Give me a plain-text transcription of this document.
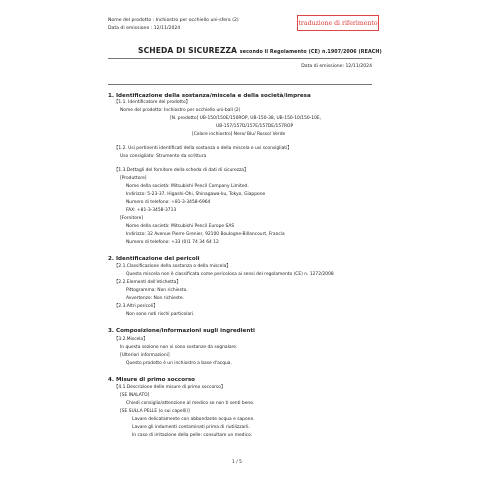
Nome del prodotto : Inchiostro per occhiello uni-sfera (2)
Data di emissione : 12/11/2024
traduzione di riferimento
SCHEDA DI SICUREZZA secondo il Regolamento (CE) n.1907/2006 (REACH)
Data di emissione: 12/11/2024
1. Identificazione della sostanza/miscela e della società/impresa
【1.1. Identificatore del prodotto】
Nome del prodotto: Inchiostro per occhiello uni-ball (2)
[N. prodotto] UB-150/150E/150ROP, UB-150-38, UB-150-10/150-10E,
UB-157/157D/157E/157DE/157ROP
[Colore inchiostro] Nero/ Blu/ Rosso/ Verde
【1.2. Usi pertinenti identificati della sostanza o della miscela e usi sconsigliati】
Uso consigliato: Strumento da scrittura
【1.3.Dettagli del fornitore della scheda di dati di sicurezza】
[Produttore]
Nome della società: Mitsubishi Pencil Company Limited.
Indirizzo: 5-23-37, Higashi-Ohi, Shinagawa-ku, Tokyo, Giappone
Numero di telefono: +81-3-3458-6964
FAX: +81-3-3458-3713
[Fornitore]
Nome della società: Mitsubishi Pencil Europe SAS
Indirizzo: 32 Avenue Pierre Grenier, 92100 Boulogne-Billancourt, Francia
Numero di telefono: +33 (0)1 74 34 64 12
2. Identificazione dei pericoli
【2.1.Classificazione della sostanza o della miscela】
Questa miscela non è classificata come pericolosa ai sensi del regolamento (CE) n. 1272/2008
【2.2.Elementi dell'etichetta】
Pittogramma: Non richiesto.
Avvertenze: Non richieste.
【2.3.Altri pericoli】
Non sono noti rischi particolari.
3. Composizione/informazioni sugli ingredienti
【3.2.Miscela】
In questa sezione non vi sono sostanze da segnalare.
[Ulteriori informazioni]
Questo prodotto è un inchiostro a base d'acqua.
4. Misure di primo soccorso
【4.1.Descrizione delle misure di primo soccorso】
[SE INALATO]
Chiedi consiglio/attenzione al medico se non ti senti bene.
[SE SULLA PELLE (o sui capelli)]
Lavare delicatamente con abbondante acqua e sapone.
Lavare gli indumenti contaminati prima di riutilizzarli.
In caso di irritazione della pelle: consultare un medico.
1 / 5
